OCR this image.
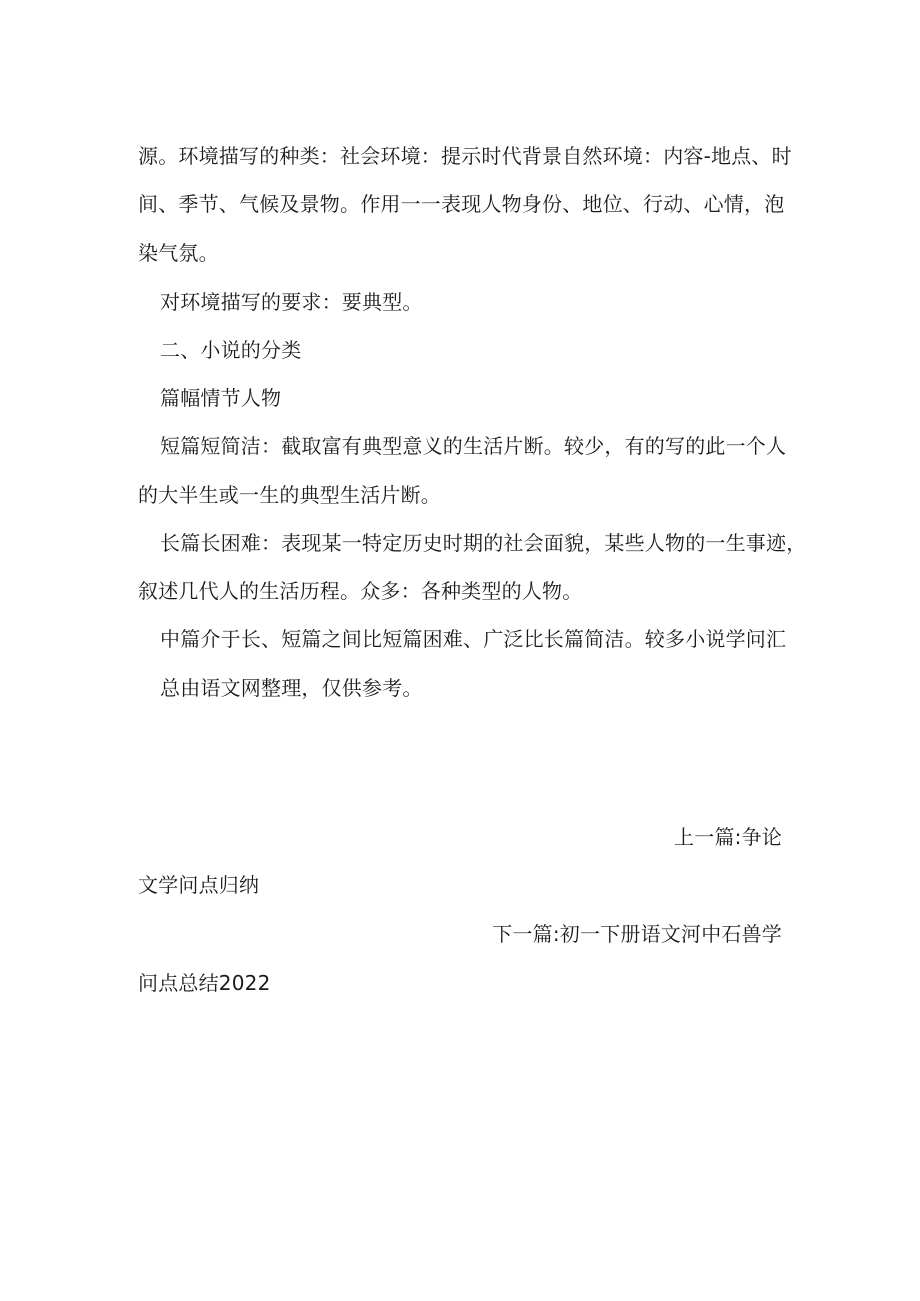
源。环境描写的种类：社会环境：提示时代背景自然环境：内容-地点、时
间、季节、气候及景物。作用一一表现人物身份、地位、行动、心情，泡
染气氛。
对环境描写的要求：要典型。
二、小说的分类
篇幅情节人物
短篇短简洁：截取富有典型意义的生活片断。较少，有的写的此一个人
的大半生或一生的典型生活片断。
长篇长困难：表现某一特定历史时期的社会面貌，某些人物的一生事迹，
叙述几代人的生活历程。众多：各种类型的人物。
中篇介于长、短篇之间比短篇困难、广泛比长篇简洁。较多小说学问汇
总由语文网整理，仅供参考。
上一篇:争论
文学问点归纳
下一篇:初一下册语文河中石兽学
问点总结2022
